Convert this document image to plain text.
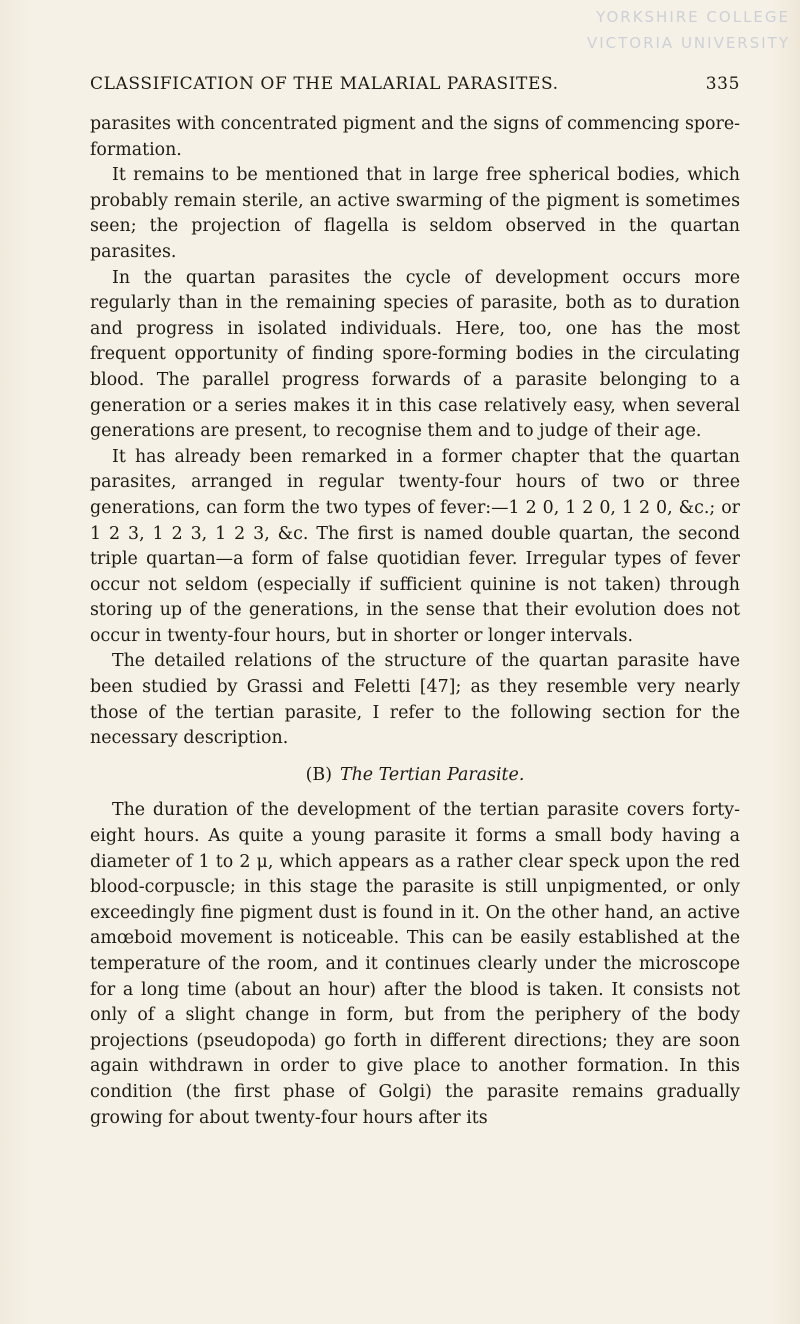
YORKSHIRE COLLEGE
VICTORIA UNIVERSITY
CLASSIFICATION OF THE MALARIAL PARASITES.	335

parasites with concentrated pigment and the signs of commencing spore-formation.

It remains to be mentioned that in large free spherical bodies, which probably remain sterile, an active swarming of the pigment is sometimes seen; the projection of flagella is seldom observed in the quartan parasites.

In the quartan parasites the cycle of development occurs more regularly than in the remaining species of parasite, both as to duration and progress in isolated individuals. Here, too, one has the most frequent opportunity of finding spore-forming bodies in the circulating blood. The parallel progress forwards of a parasite belonging to a generation or a series makes it in this case relatively easy, when several generations are present, to recognise them and to judge of their age.

It has already been remarked in a former chapter that the quartan parasites, arranged in regular twenty-four hours of two or three generations, can form the two types of fever:—1 2 0, 1 2 0, 1 2 0, &c.; or 1 2 3, 1 2 3, 1 2 3, &c. The first is named double quartan, the second triple quartan—a form of false quotidian fever. Irregular types of fever occur not seldom (especially if sufficient quinine is not taken) through storing up of the generations, in the sense that their evolution does not occur in twenty-four hours, but in shorter or longer intervals.

The detailed relations of the structure of the quartan parasite have been studied by Grassi and Feletti [47]; as they resemble very nearly those of the tertian parasite, I refer to the following section for the necessary description.

(B) The Tertian Parasite.

The duration of the development of the tertian parasite covers forty-eight hours. As quite a young parasite it forms a small body having a diameter of 1 to 2 μ, which appears as a rather clear speck upon the red blood-corpuscle; in this stage the parasite is still unpigmented, or only exceedingly fine pigment dust is found in it. On the other hand, an active amœboid movement is noticeable. This can be easily established at the temperature of the room, and it continues clearly under the microscope for a long time (about an hour) after the blood is taken. It consists not only of a slight change in form, but from the periphery of the body projections (pseudopoda) go forth in different directions; they are soon again withdrawn in order to give place to another formation. In this condition (the first phase of Golgi) the parasite remains gradually growing for about twenty-four hours after its
